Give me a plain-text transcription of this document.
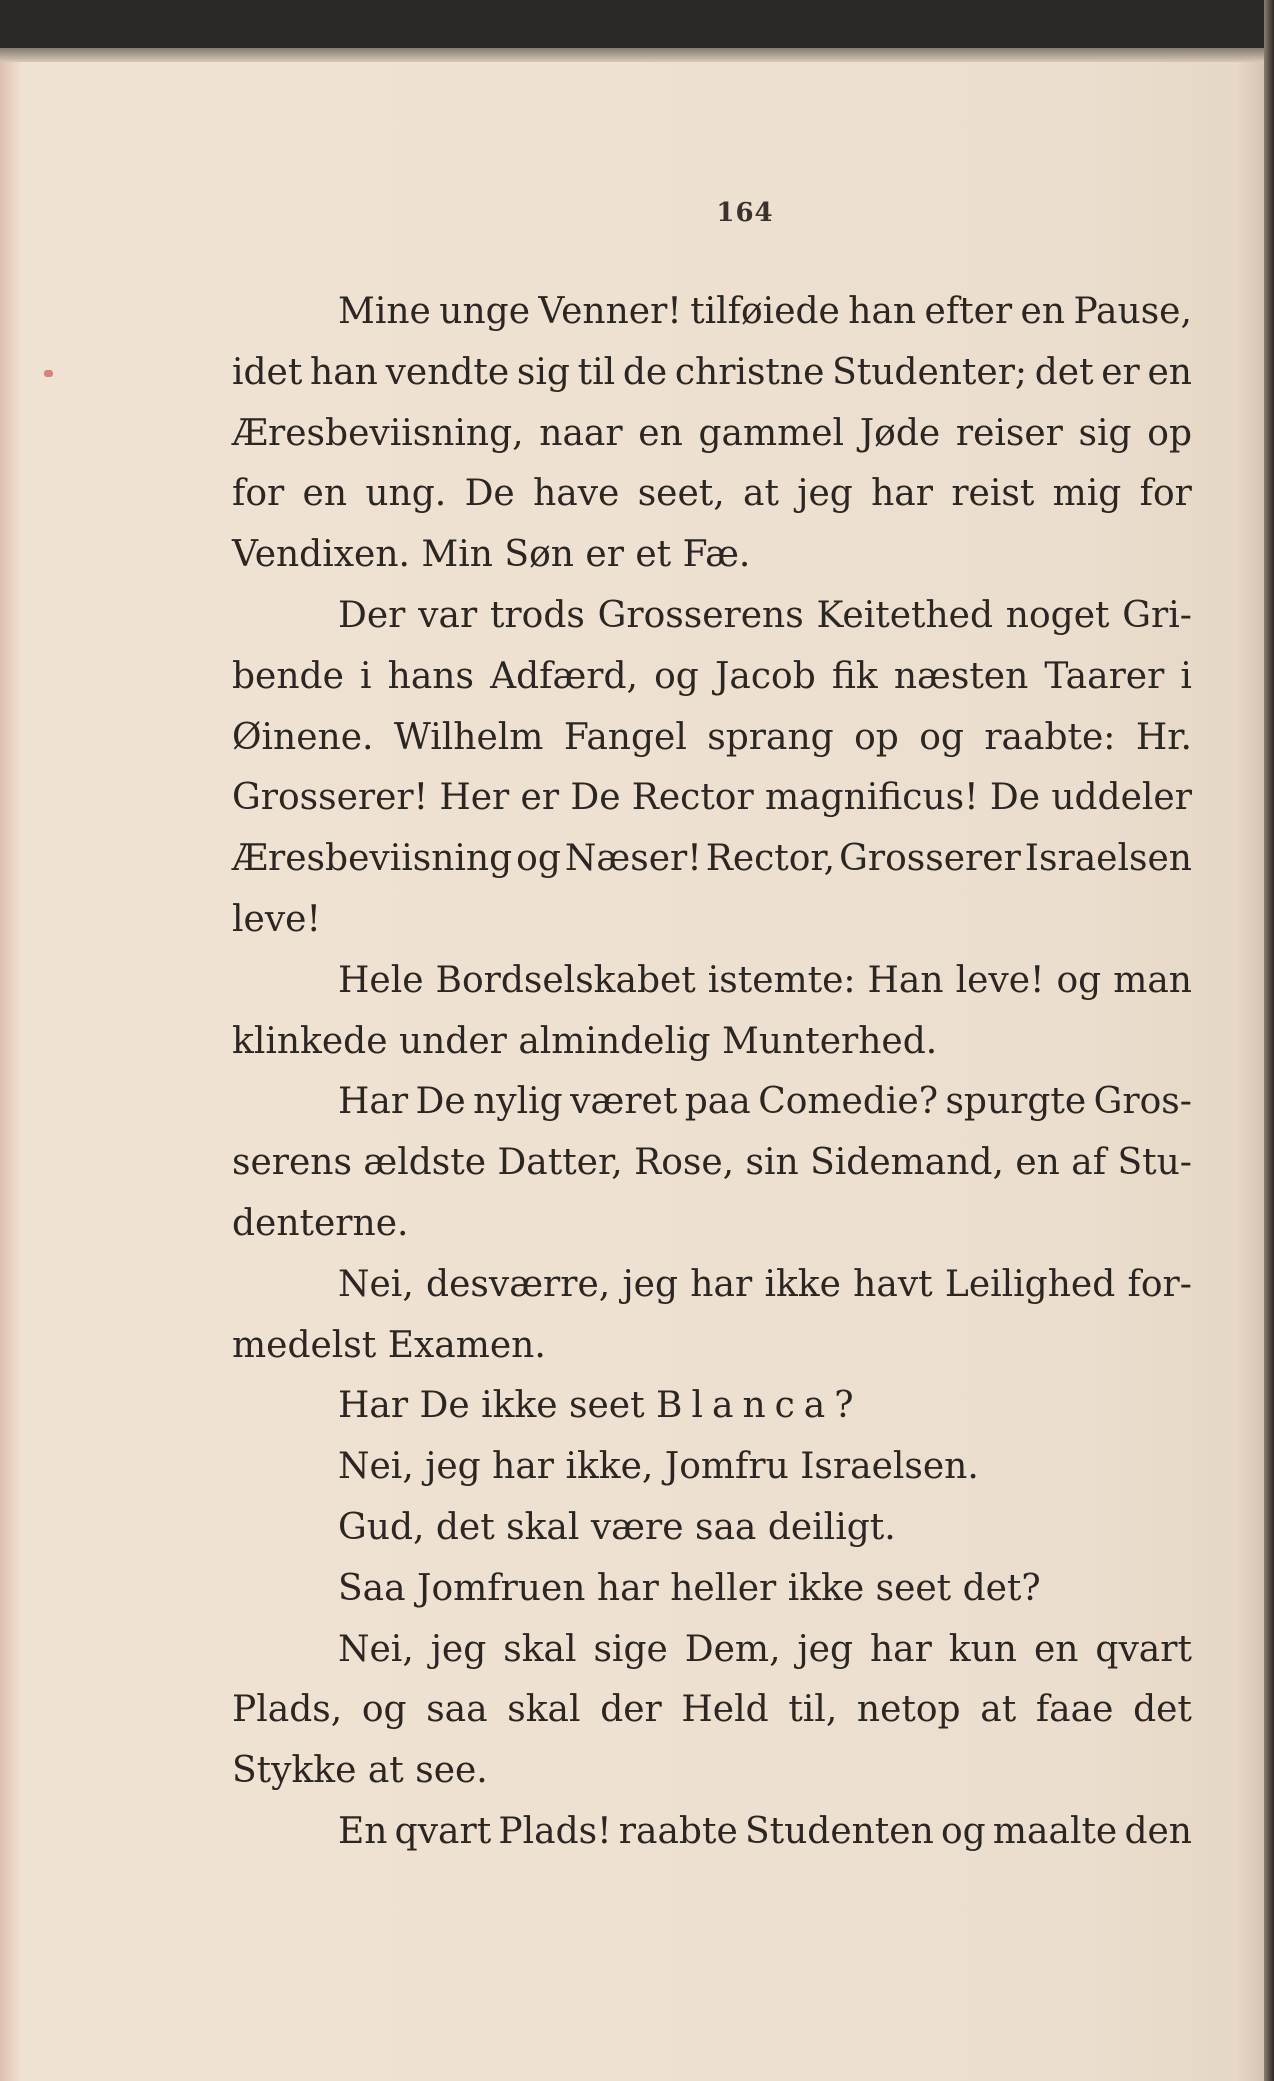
164
Mine unge Venner! tilføiede han efter en Pause,
idet han vendte sig til de christne Studenter; det er en
Æresbeviisning, naar en gammel Jøde reiser sig op
for en ung. De have seet, at jeg har reist mig for
Vendixen. Min Søn er et Fæ.
Der var trods Grosserens Keitethed noget Gri-
bende i hans Adfærd, og Jacob fik næsten Taarer i
Øinene. Wilhelm Fangel sprang op og raabte: Hr.
Grosserer! Her er De Rector magnificus! De uddeler
Æresbeviisning og Næser! Rector, Grosserer Israelsen
leve!
Hele Bordselskabet istemte: Han leve! og man
klinkede under almindelig Munterhed.
Har De nylig været paa Comedie? spurgte Gros-
serens ældste Datter, Rose, sin Sidemand, en af Stu-
denterne.
Nei, desværre, jeg har ikke havt Leilighed for-
medelst Examen.
Har De ikke seet Blanca ?
Nei, jeg har ikke, Jomfru Israelsen.
Gud, det skal være saa deiligt.
Saa Jomfruen har heller ikke seet det?
Nei, jeg skal sige Dem, jeg har kun en qvart
Plads, og saa skal der Held til, netop at faae det
Stykke at see.
En qvart Plads! raabte Studenten og maalte den
